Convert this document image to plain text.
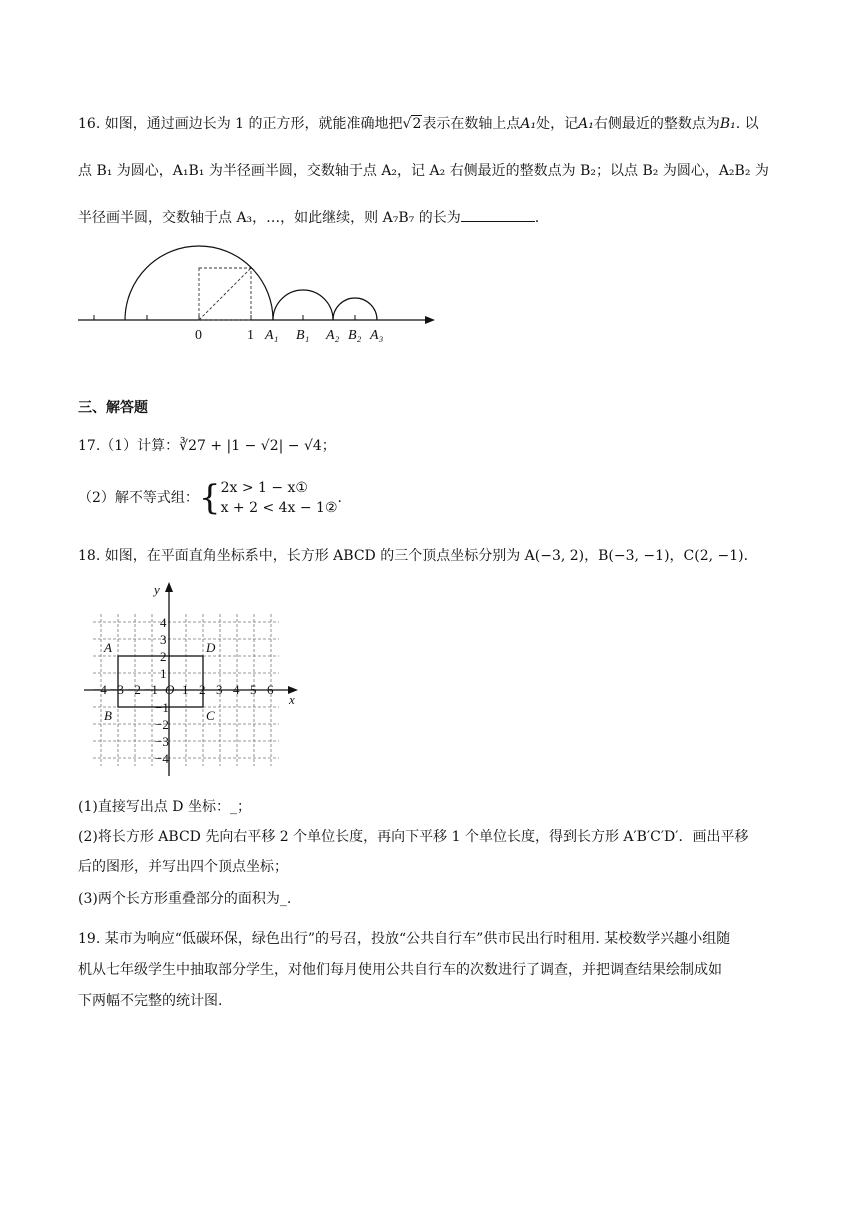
16. 如图，通过画边长为 1 的正方形，就能准确地把√2表示在数轴上点A₁处，记A₁右侧最近的整数点为B₁. 以
点 B₁ 为圆心，A₁B₁ 为半径画半圆，交数轴于点 A₂，记 A₂ 右侧最近的整数点为 B₂；以点 B₂ 为圆心，A₂B₂ 为
半径画半圆，交数轴于点 A₃，…，如此继续，则 A₇B₇ 的长为	.
0	1 A₁ B₁ A₂ B₂ A₃
三、解答题
17.（1）计算：∛27 + |1 − √2| − √4；
（2）解不等式组：{2x > 1 − x①
x + 2 < 4x − 1②.
18. 如图，在平面直角坐标系中，长方形 ABCD 的三个顶点坐标分别为 A(−3, 2)，B(−3, −1)，C(2, −1).
x
y
A
B	C
D
−4 −3 −2 −1 O 1 2 3 4 5 6
4
3
2
1
−1
−2
−3
−4
(1)直接写出点 D 坐标：_；
(2)将长方形 ABCD 先向右平移 2 个单位长度，再向下平移 1 个单位长度，得到长方形 A′B′C′D′．画出平移
后的图形，并写出四个顶点坐标；
(3)两个长方形重叠部分的面积为_.
19. 某市为响应“低碳环保，绿色出行”的号召，投放“公共自行车”供市民出行时租用. 某校数学兴趣小组随
机从七年级学生中抽取部分学生，对他们每月使用公共自行车的次数进行了调查，并把调查结果绘制成如
下两幅不完整的统计图.
